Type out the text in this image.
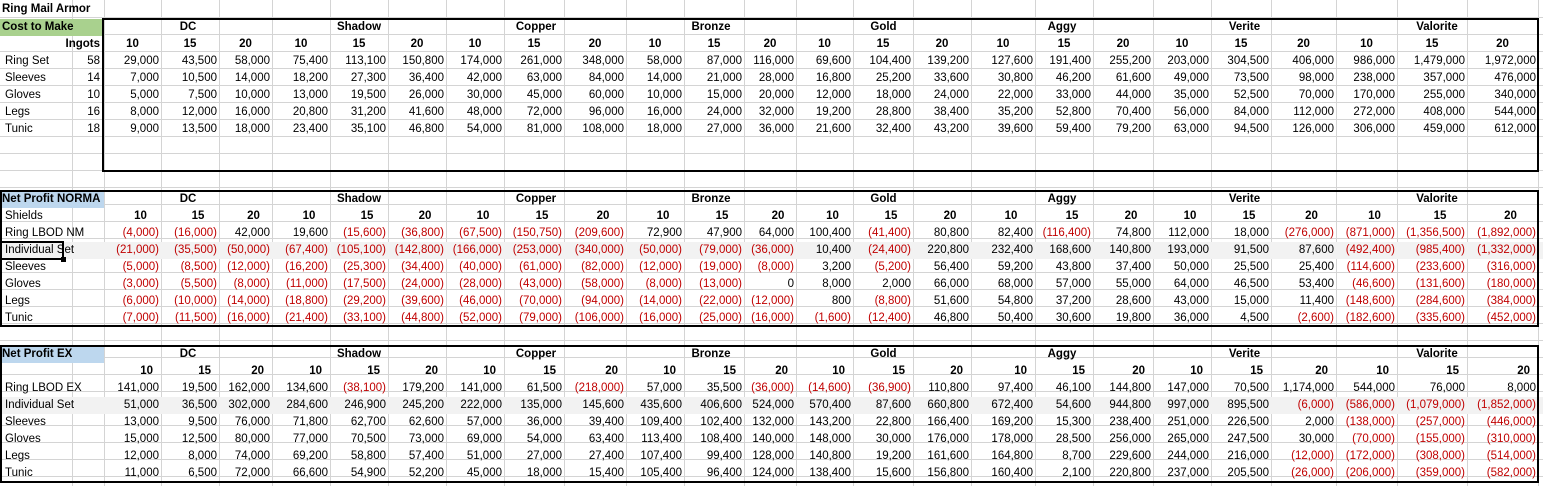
Ring Mail Armor
Cost to Make	DC	Shadow	Copper	Bronze	Gold	Aggy	Verite	Valorite
Ingots	10	15	20	10	15	20	10	15	20	10	15	20	10	15	20	10	15	20	10	15	20	10	15	20
Ring Set	58	29,000	43,500	58,000	75,400	113,100	150,800	174,000	261,000	348,000	58,000	87,000 116,000	69,600	104,400	139,200	127,600	191,400	255,200	203,000	304,500	406,000	986,000	1,479,000	1,972,000
Sleeves	14	7,000	10,500	14,000	18,200	27,300	36,400	42,000	63,000	84,000	14,000	21,000	28,000	16,800	25,200	33,600	30,800	46,200	61,600	49,000	73,500	98,000	238,000	357,000	476,000
Gloves	10	5,000	7,500	10,000	13,000	19,500	26,000	30,000	45,000	60,000	10,000	15,000	20,000	12,000	18,000	24,000	22,000	33,000	44,000	35,000	52,500	70,000	170,000	255,000	340,000
Legs	16	8,000	12,000	16,000	20,800	31,200	41,600	48,000	72,000	96,000	16,000	24,000	32,000	19,200	28,800	38,400	35,200	52,800	70,400	56,000	84,000	112,000	272,000	408,000	544,000
Tunic	18	9,000	13,500	18,000	23,400	35,100	46,800	54,000	81,000	108,000	18,000	27,000	36,000	21,600	32,400	43,200	39,600	59,400	79,200	63,000	94,500	126,000	306,000	459,000	612,000
Net Profit NORMA	DC	Shadow	Copper	Bronze	Gold	Aggy	Verite	Valorite
Shields	10	15	20	10	15	20	10	15	20	10	15	20	10	15	20	10	15	20	10	15	20	10	15	20
Ring LBOD NM	(4,000)	(16,000)	42,000	19,600	(15,600)	(36,800)	(67,500) (150,750)	(209,600)	72,900	47,900	64,000	100,400	(41,400)	80,800	82,400 (116,400)	74,800	112,000	18,000	(276,000)	(871,000) (1,356,500)	(1,892,000)
Individual Set	(21,000)	(35,500) (50,000)	(67,400) (105,100) (142,800) (166,000) (253,000)	(340,000)	(50,000)	(79,000) (36,000)	10,400	(24,400)	220,800	232,400	168,600	140,800	193,000	91,500	87,600	(492,400)	(985,400)	(1,332,000)
Sleeves	(5,000)	(8,500) (12,000)	(16,200)	(25,300)	(34,400)	(40,000)	(61,000)	(82,000)	(12,000)	(19,000)	(8,000)	3,200	(5,200)	56,400	59,200	43,800	37,400	50,000	25,500	25,400	(114,600)	(233,600)	(316,000)
Gloves	(3,000)	(5,500)	(8,000)	(11,000)	(17,500)	(24,000)	(28,000)	(43,000)	(58,000)	(8,000)	(13,000)	0	8,000	2,000	66,000	68,000	57,000	55,000	64,000	46,500	53,400	(46,600)	(131,600)	(180,000)
Legs	(6,000)	(10,000) (14,000)	(18,800)	(29,200)	(39,600)	(46,000)	(70,000)	(94,000)	(14,000)	(22,000) (12,000)	800	(8,800)	51,600	54,800	37,200	28,600	43,000	15,000	11,400	(148,600)	(284,600)	(384,000)
Tunic	(7,000)	(11,500) (16,000)	(21,400)	(33,100)	(44,800)	(52,000)	(79,000)	(106,000)	(16,000)	(25,000) (16,000)	(1,600)	(12,400)	46,800	50,400	30,600	19,800	36,000	4,500	(2,600)	(182,600)	(335,600)	(452,000)
Net Profit EX	DC	Shadow	Copper	Bronze	Gold	Aggy	Verite	Valorite
10	15	20	10	15	20	10	15	20	10	15	20	10	15	20	10	15	20	10	15	20	10	15	20
Ring LBOD EX	141,000	19,500 162,000	134,600	(38,100)	179,200	141,000	61,500	(218,000)	57,000	35,500 (36,000)	(14,600)	(36,900)	110,800	97,400	46,100	144,800	147,000	70,500	1,174,000	544,000	76,000	8,000
Individual Set	51,000	36,500 302,000	284,600	246,900	245,200	222,000	135,000	145,600	435,600	406,600 524,000	570,400	87,600	660,800	672,400	54,600	944,800	997,000	895,500	(6,000)	(586,000) (1,079,000)	(1,852,000)
Sleeves	13,000	9,500	76,000	71,800	62,700	62,600	57,000	36,000	39,400	109,400	102,400 132,000	143,200	22,800	166,400	169,200	15,300	238,400	251,000	226,500	2,000	(138,000)	(257,000)	(446,000)
Gloves	15,000	12,500	80,000	77,000	70,500	73,000	69,000	54,000	63,400	113,400	108,400 140,000	148,000	30,000	176,000	178,000	28,500	256,000	265,000	247,500	30,000	(70,000)	(155,000)	(310,000)
Legs	12,000	8,000	74,000	69,200	58,800	57,400	51,000	27,000	27,400	107,400	99,400 128,000	140,800	19,200	161,600	164,800	8,700	229,600	244,000	216,000	(12,000)	(172,000)	(308,000)	(514,000)
Tunic	11,000	6,500	72,000	66,600	54,900	52,200	45,000	18,000	15,400	105,400	96,400 124,000	138,400	15,600	156,800	160,400	2,100	220,800	237,000	205,500	(26,000)	(206,000)	(359,000)	(582,000)
